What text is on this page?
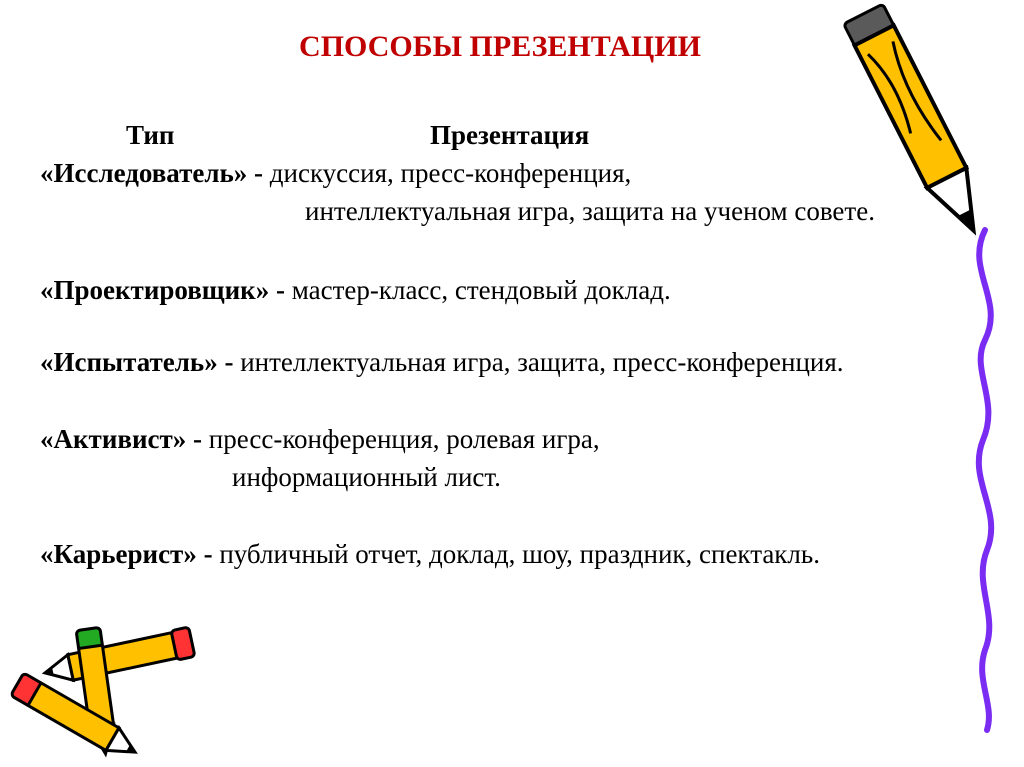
СПОСОБЫ ПРЕЗЕНТАЦИИ
Тип	Презентация
«Исследователь» - дискуссия, пресс-конференция,
интеллектуальная игра, защита на ученом совете.
«Проектировщик» - мастер-класс, стендовый доклад.
«Испытатель» - интеллектуальная игра, защита, пресс-конференция.
«Активист» - пресс-конференция, ролевая игра,
информационный лист.
«Карьерист» - публичный отчет, доклад, шоу, праздник, спектакль.
